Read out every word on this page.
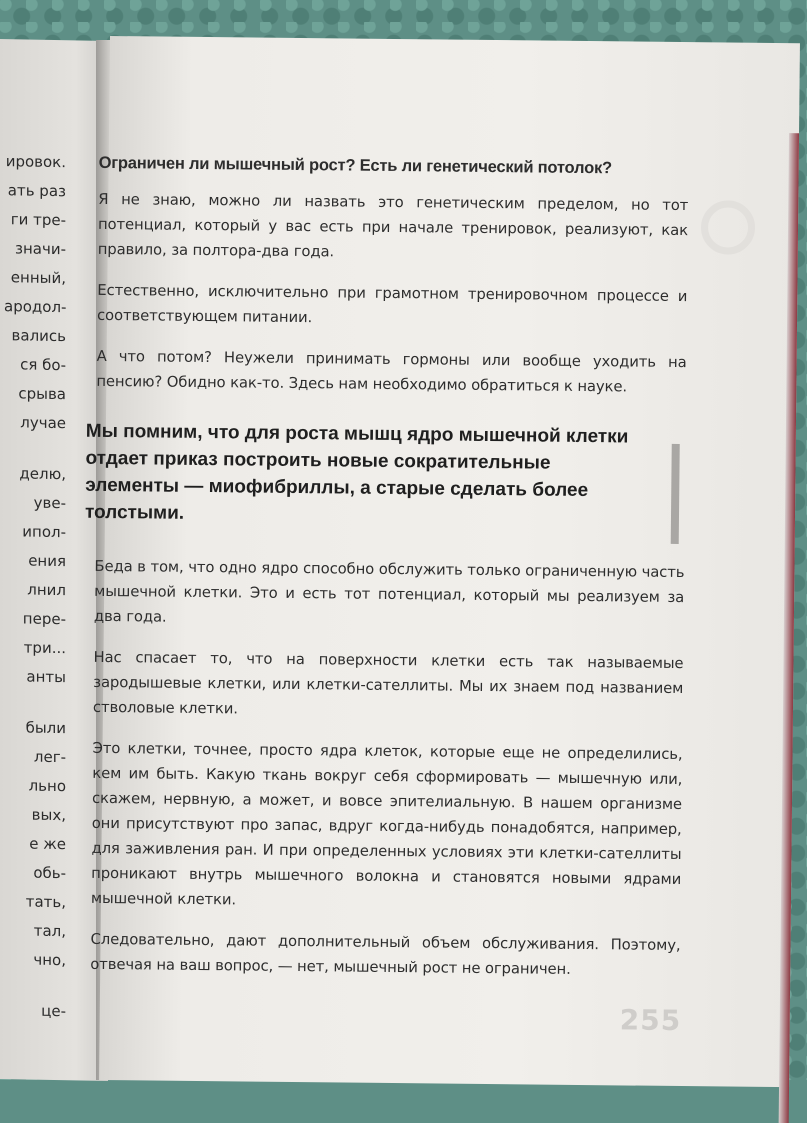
ировок.
ать раз
ги тре-
значи-
енный,
ародол-
вались
ся бо-
срыва
лучае
делю,
уве-
ипол-
ения
лнил
пере-
три...
анты
были
лег-
льно
вых,
е же
обь-
тать,
тал,
чно,
це-
Ограничен ли мышечный рост? Есть ли генетический потолок?

Я не знаю, можно ли назвать это генетическим пределом, но тот потенциал, который у вас есть при начале тренировок, реализуют, как правило, за полтора-два года.

Естественно, исключительно при грамотном тренировочном процессе и соответствующем питании.

А что потом? Неужели принимать гормоны или вообще уходить на пенсию? Обидно как-то. Здесь нам необходимо обратиться к науке.

Мы помним, что для роста мышц ядро мышечной клетки отдает приказ построить новые сократительные элементы — миофибриллы, а старые сделать более толстыми.

Беда в том, что одно ядро способно обслужить только ограниченную часть мышечной клетки. Это и есть тот потенциал, который мы реализуем за два года.

Нас спасает то, что на поверхности клетки есть так называемые зародышевые клетки, или клетки-сателлиты. Мы их знаем под названием стволовые клетки.

Это клетки, точнее, просто ядра клеток, которые еще не определились, кем им быть. Какую ткань вокруг себя сформировать — мышечную или, скажем, нервную, а может, и вовсе эпителиальную. В нашем организме они присутствуют про запас, вдруг когда-нибудь понадобятся, например, для заживления ран. И при определенных условиях эти клетки-сателлиты проникают внутрь мышечного волокна и становятся новыми ядрами мышечной клетки.

Следовательно, дают дополнительный объем обслуживания. Поэтому, отвечая на ваш вопрос, — нет, мышечный рост не ограничен.

255
